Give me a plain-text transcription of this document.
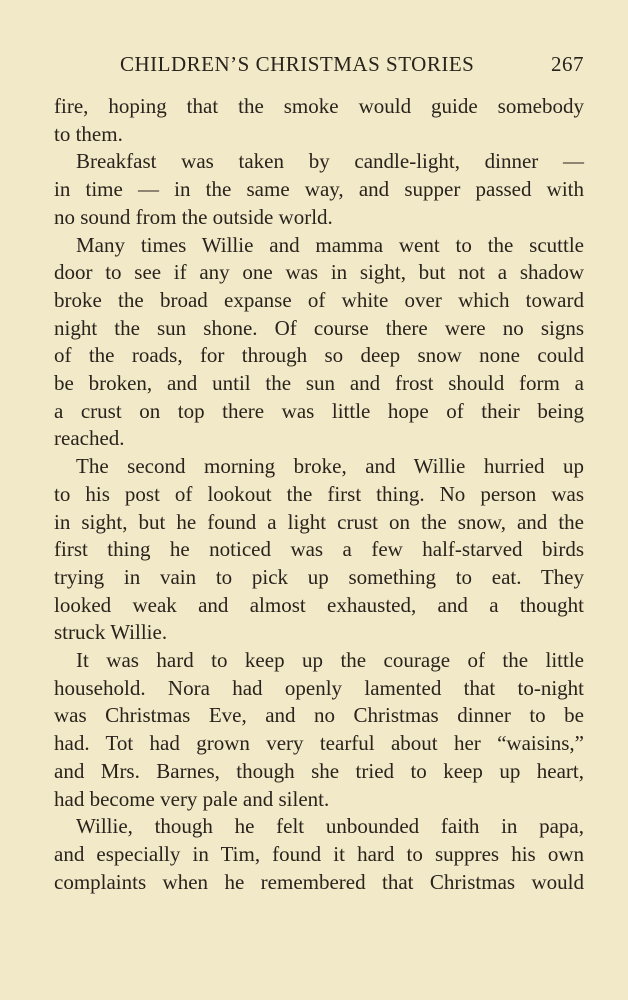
CHILDREN’S CHRISTMAS STORIES	267
fire, hoping that the smoke would guide somebody
to them.
Breakfast was taken by candle-light, dinner —
in time — in the same way, and supper passed with
no sound from the outside world.
Many times Willie and mamma went to the scuttle
door to see if any one was in sight, but not a shadow
broke the broad expanse of white over which toward
night the sun shone. Of course there were no signs
of the roads, for through so deep snow none could
be broken, and until the sun and frost should form a
a crust on top there was little hope of their being
reached.
The second morning broke, and Willie hurried up
to his post of lookout the first thing. No person was
in sight, but he found a light crust on the snow, and the
first thing he noticed was a few half-starved birds
trying in vain to pick up something to eat. They
looked weak and almost exhausted, and a thought
struck Willie.
It was hard to keep up the courage of the little
household. Nora had openly lamented that to-night
was Christmas Eve, and no Christmas dinner to be
had. Tot had grown very tearful about her “waisins,”
and Mrs. Barnes, though she tried to keep up heart,
had become very pale and silent.
Willie, though he felt unbounded faith in papa,
and especially in Tim, found it hard to suppres his own
complaints when he remembered that Christmas would
